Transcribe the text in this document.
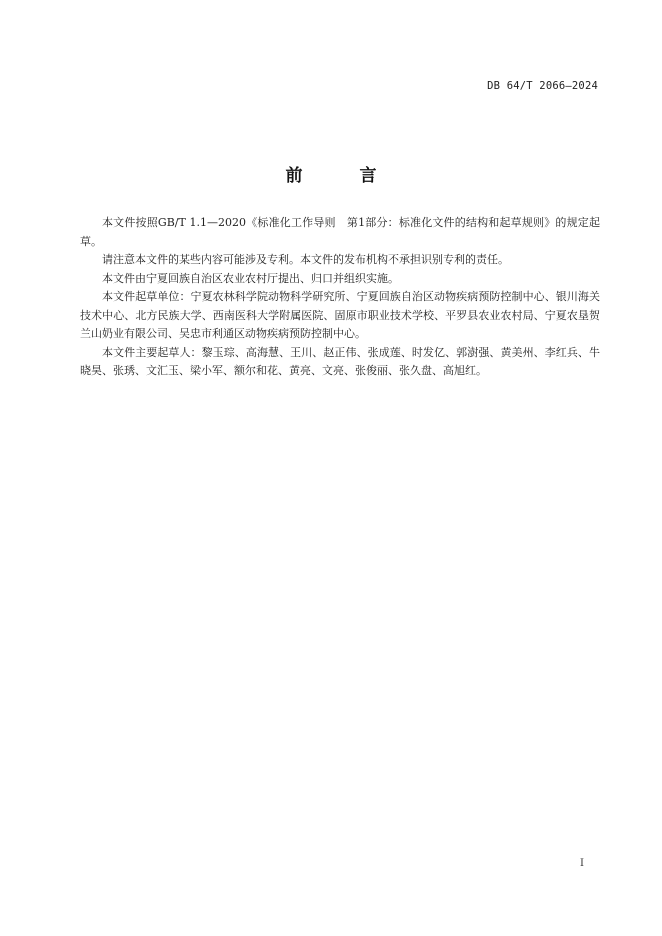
DB 64/T 2066—2024
前　言

本文件按照GB/T 1.1—2020《标准化工作导则　第1部分：标准化文件的结构和起草规则》的规定起草。

请注意本文件的某些内容可能涉及专利。本文件的发布机构不承担识别专利的责任。

本文件由宁夏回族自治区农业农村厅提出、归口并组织实施。

本文件起草单位：宁夏农林科学院动物科学研究所、宁夏回族自治区动物疾病预防控制中心、银川海关技术中心、北方民族大学、西南医科大学附属医院、固原市职业技术学校、平罗县农业农村局、宁夏农垦贺兰山奶业有限公司、吴忠市利通区动物疾病预防控制中心。

本文件主要起草人：黎玉琮、高海慧、王川、赵正伟、张成莲、时发亿、郭澍强、黄美州、李红兵、牛晓昊、张琇、文汇玉、梁小军、额尔和花、黄亮、文亮、张俊丽、张久盘、高旭红。

I
